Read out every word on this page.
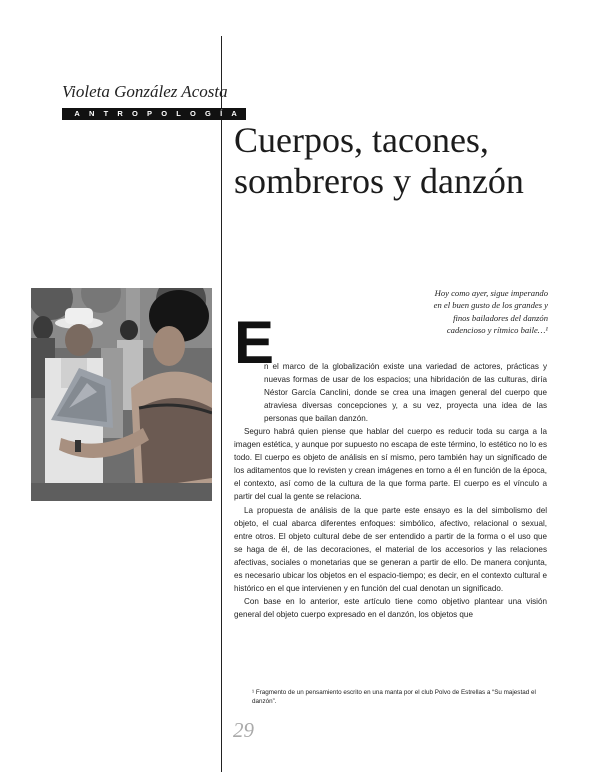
Violeta González Acosta
ANTROPOLOGÍA
Cuerpos, tacones,
sombreros y danzón
Hoy como ayer, sigue imperando
en el buen gusto de los grandes y
finos bailadores del danzón
cadencioso y rítmico baile…¹
E

n el marco de la globalización existe una variedad de actores, prácticas y nuevas formas de usar de los espacios; una hibridación de las culturas, diría Néstor García Canclini, donde se crea una imagen general del cuerpo que atraviesa diversas concepciones y, a su vez, proyecta una idea de las personas que bailan danzón.

Seguro habrá quien piense que hablar del cuerpo es reducir toda su carga a la imagen estética, y aunque por supuesto no escapa de este término, lo estético no lo es todo. El cuerpo es objeto de análisis en sí mismo, pero también hay un significado de los aditamentos que lo revisten y crean imágenes en torno a él en función de la época, el contexto, así como de la cultura de la que forma parte. El cuerpo es el vínculo a partir del cual la gente se relaciona.

La propuesta de análisis de la que parte este ensayo es la del simbolismo del objeto, el cual abarca diferentes enfoques: simbólico, afectivo, relacional o sexual, entre otros. El objeto cultural debe de ser entendido a partir de la forma o el uso que se haga de él, de las decoraciones, el material de los accesorios y las relaciones afectivas, sociales o monetarias que se generan a partir de ello. De manera conjunta, es necesario ubicar los objetos en el espacio-tiempo; es decir, en el contexto cultural e histórico en el que intervienen y en función del cual denotan un significado.

Con base en lo anterior, este artículo tiene como objetivo plantear una visión general del objeto cuerpo expresado en el danzón, los objetos que

¹ Fragmento de un pensamiento escrito en una manta por el club Polvo de Estrellas a “Su majestad el danzón”.
29
